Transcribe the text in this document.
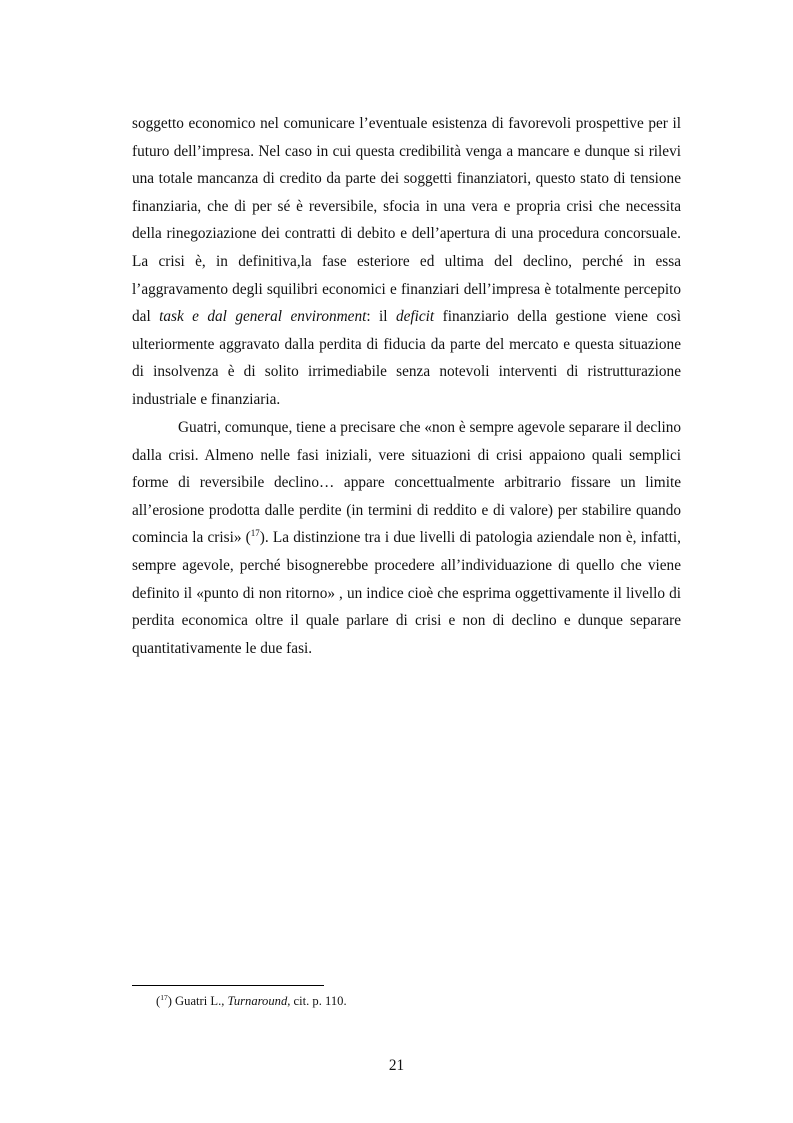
soggetto economico nel comunicare l’eventuale esistenza di favorevoli prospettive per il futuro dell’impresa. Nel caso in cui questa credibilità venga a mancare e dunque si rilevi una totale mancanza di credito da parte dei soggetti finanziatori, questo stato di tensione finanziaria, che di per sé è reversibile, sfocia in una vera e propria crisi che necessita della rinegoziazione dei contratti di debito e dell’apertura di una procedura concorsuale. La crisi è, in definitiva,la fase esteriore ed ultima del declino, perché in essa l’aggravamento degli squilibri economici e finanziari dell’impresa è totalmente percepito dal task e dal general environment: il deficit finanziario della gestione viene così ulteriormente aggravato dalla perdita di fiducia da parte del mercato e questa situazione di insolvenza è di solito irrimediabile senza notevoli interventi di ristrutturazione industriale e finanziaria.

Guatri, comunque, tiene a precisare che «non è sempre agevole separare il declino dalla crisi. Almeno nelle fasi iniziali, vere situazioni di crisi appaiono quali semplici forme di reversibile declino… appare concettualmente arbitrario fissare un limite all’erosione prodotta dalle perdite (in termini di reddito e di valore) per stabilire quando comincia la crisi» ($^{17}$). La distinzione tra i due livelli di patologia aziendale non è, infatti, sempre agevole, perché bisognerebbe procedere all’individuazione di quello che viene definito il «punto di non ritorno» , un indice cioè che esprima oggettivamente il livello di perdita economica oltre il quale parlare di crisi e non di declino e dunque separare quantitativamente le due fasi.

($^{17}$) Guatri L., Turnaround, cit. p. 110.
21
